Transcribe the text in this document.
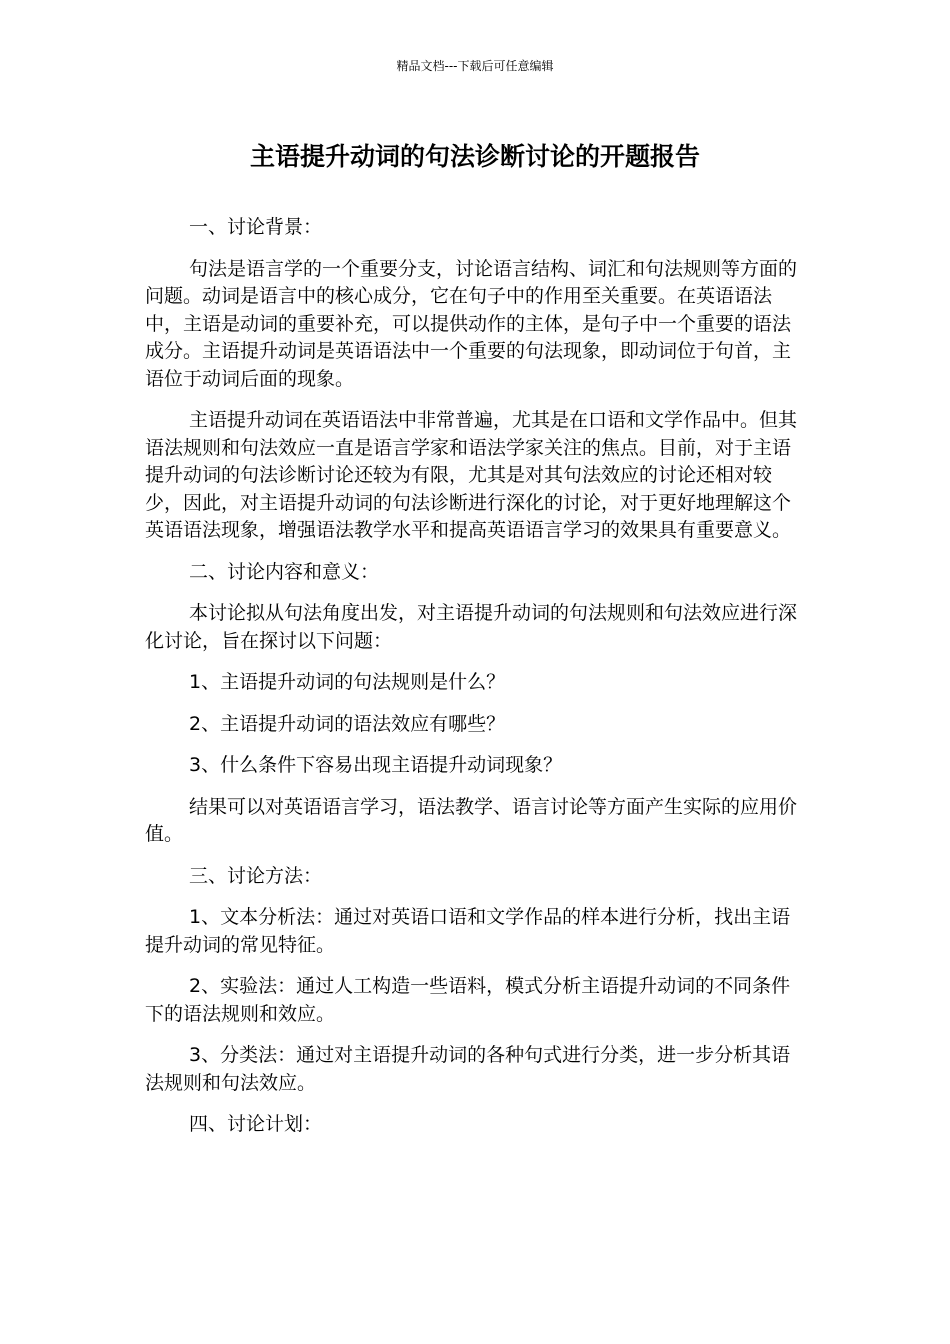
精品文档---下载后可任意编辑
主语提升动词的句法诊断讨论的开题报告

一、讨论背景：

句法是语言学的一个重要分支，讨论语言结构、词汇和句法规则等方面的问题。动词是语言中的核心成分，它在句子中的作用至关重要。在英语语法中，主语是动词的重要补充，可以提供动作的主体，是句子中一个重要的语法成分。主语提升动词是英语语法中一个重要的句法现象，即动词位于句首，主语位于动词后面的现象。

主语提升动词在英语语法中非常普遍，尤其是在口语和文学作品中。但其语法规则和句法效应一直是语言学家和语法学家关注的焦点。目前，对于主语提升动词的句法诊断讨论还较为有限，尤其是对其句法效应的讨论还相对较少，因此，对主语提升动词的句法诊断进行深化的讨论，对于更好地理解这个英语语法现象，增强语法教学水平和提高英语语言学习的效果具有重要意义。

二、讨论内容和意义：

本讨论拟从句法角度出发，对主语提升动词的句法规则和句法效应进行深化讨论，旨在探讨以下问题：

1、主语提升动词的句法规则是什么？

2、主语提升动词的语法效应有哪些？

3、什么条件下容易出现主语提升动词现象？

结果可以对英语语言学习，语法教学、语言讨论等方面产生实际的应用价值。

三、讨论方法：

1、文本分析法：通过对英语口语和文学作品的样本进行分析，找出主语提升动词的常见特征。

2、实验法：通过人工构造一些语料，模式分析主语提升动词的不同条件下的语法规则和效应。

3、分类法：通过对主语提升动词的各种句式进行分类，进一步分析其语法规则和句法效应。

四、讨论计划：
